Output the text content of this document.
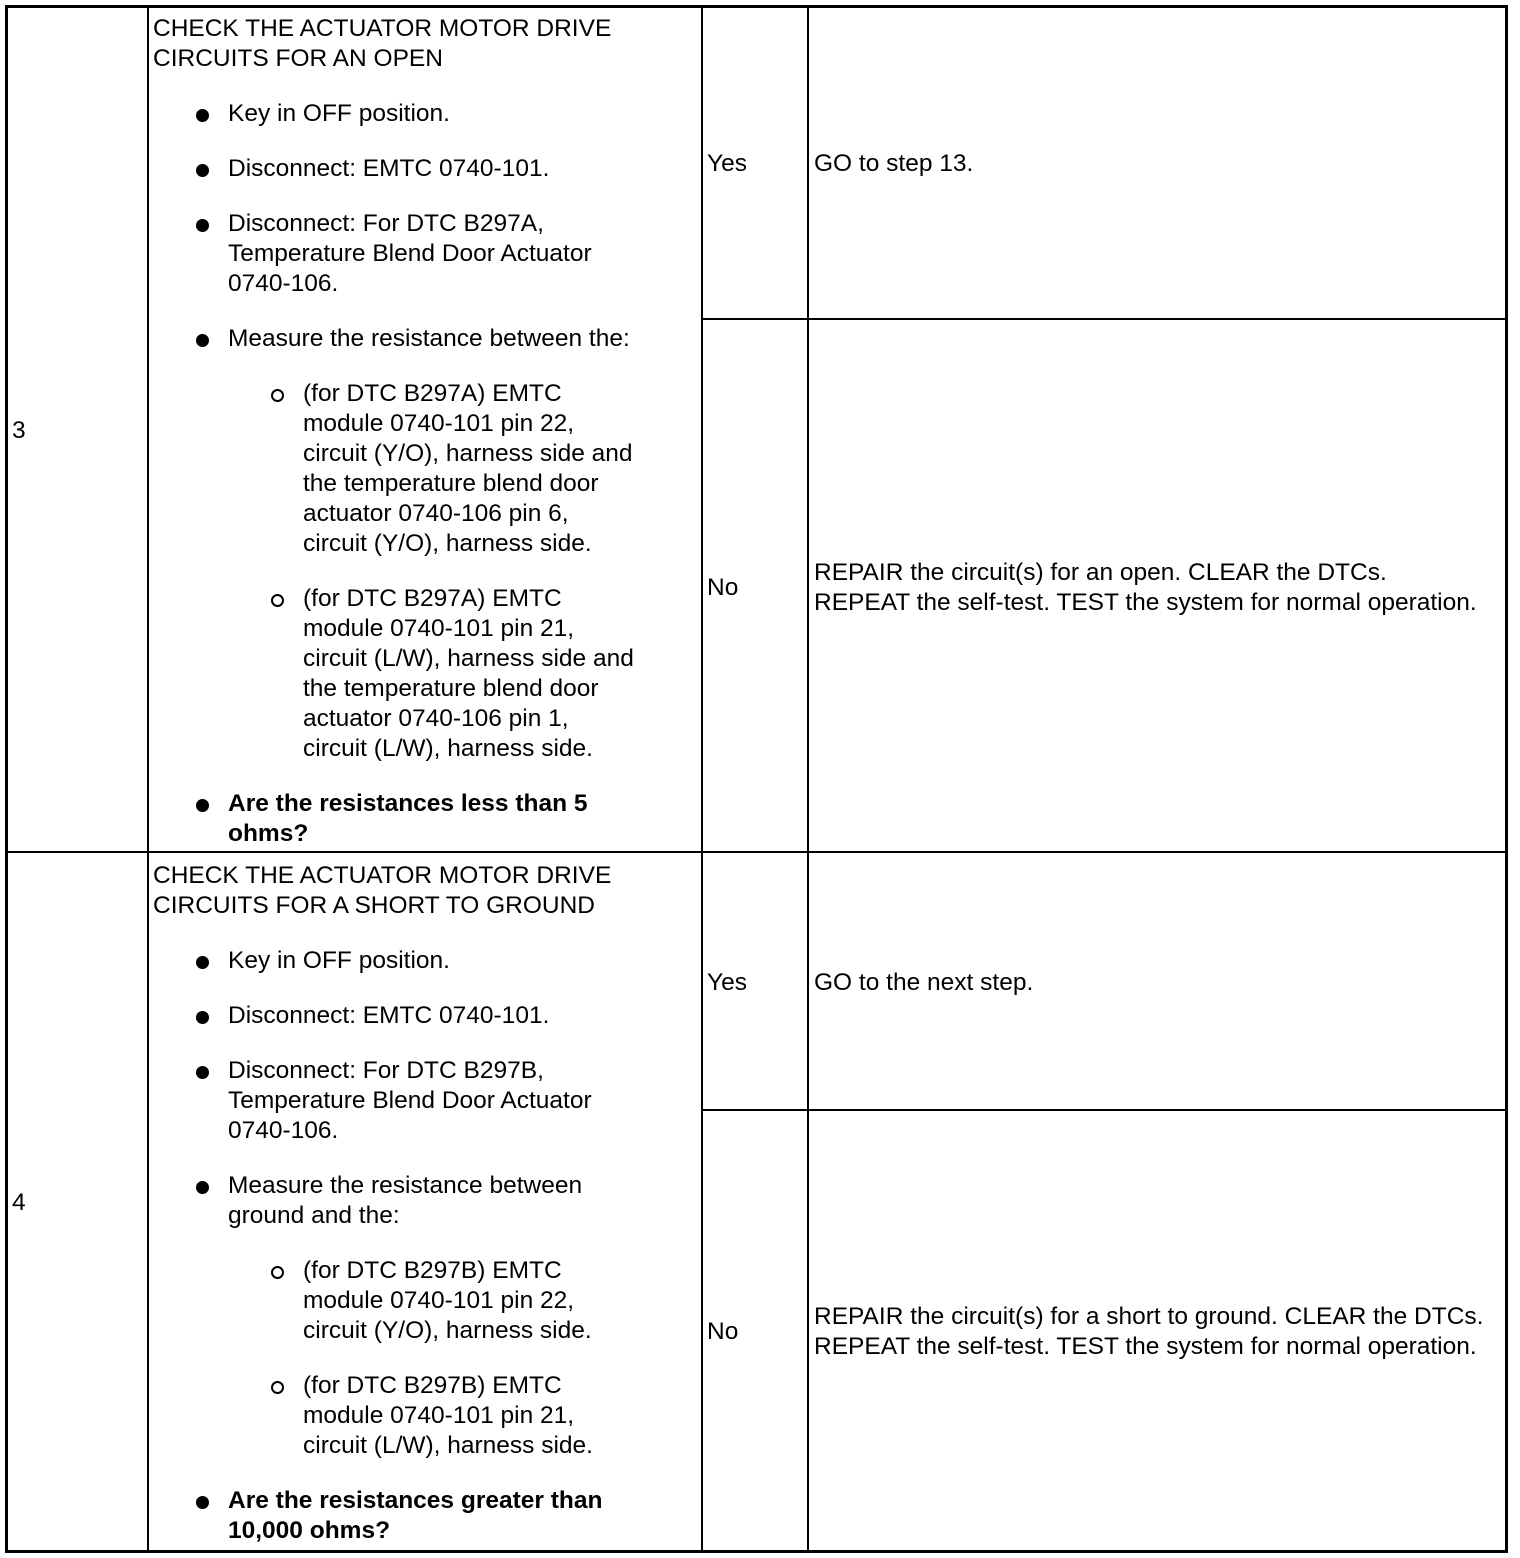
3
CHECK THE ACTUATOR MOTOR DRIVE
CIRCUITS FOR AN OPEN
Key in OFF position.
Disconnect: EMTC 0740-101.
Disconnect: For DTC B297A,
Temperature Blend Door Actuator
0740-106.
Measure the resistance between the:
(for DTC B297A) EMTC
module 0740-101 pin 22,
circuit (Y/O), harness side and
the temperature blend door
actuator 0740-106 pin 6,
circuit (Y/O), harness side.
(for DTC B297A) EMTC
module 0740-101 pin 21,
circuit (L/W), harness side and
the temperature blend door
actuator 0740-106 pin 1,
circuit (L/W), harness side.
Are the resistances less than 5
ohms?
Yes	GO to step 13.
No
REPAIR the circuit(s) for an open. CLEAR the DTCs.
REPEAT the self-test. TEST the system for normal operation.
4
CHECK THE ACTUATOR MOTOR DRIVE
CIRCUITS FOR A SHORT TO GROUND
Key in OFF position.
Disconnect: EMTC 0740-101.
Disconnect: For DTC B297B,
Temperature Blend Door Actuator
0740-106.
Measure the resistance between
ground and the:
(for DTC B297B) EMTC
module 0740-101 pin 22,
circuit (Y/O), harness side.
(for DTC B297B) EMTC
module 0740-101 pin 21,
circuit (L/W), harness side.
Are the resistances greater than
10,000 ohms?
Yes	GO to the next step.
No
REPAIR the circuit(s) for a short to ground. CLEAR the DTCs.
REPEAT the self-test. TEST the system for normal operation.
